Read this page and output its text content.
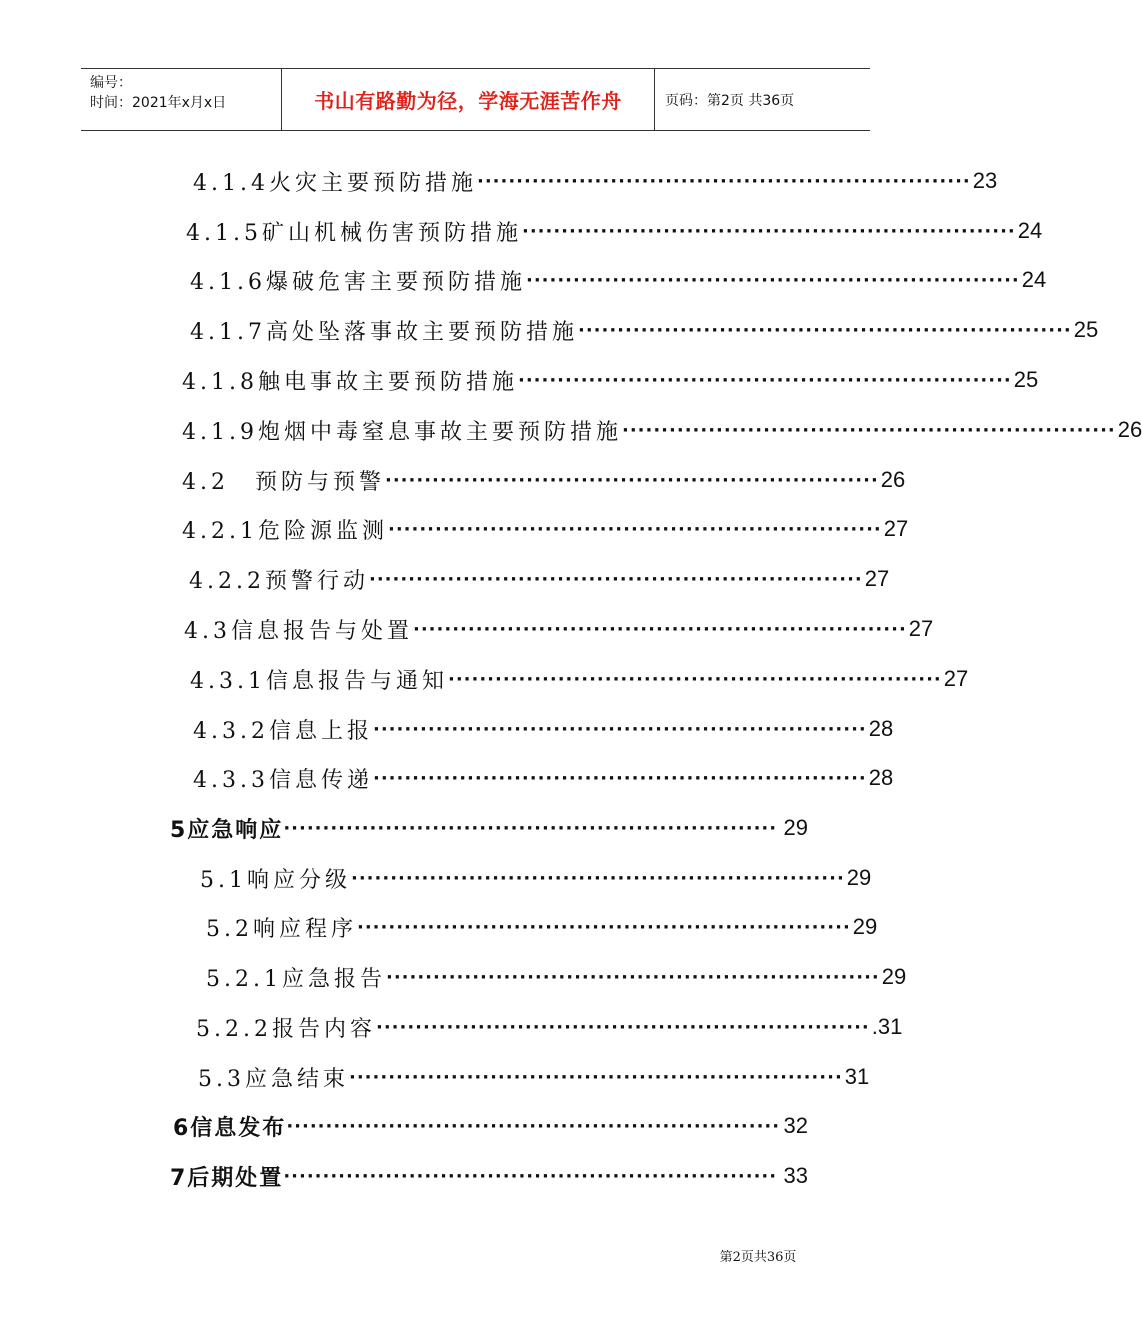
编号：
时间：2021年x月x日	书山有路勤为径，学海无涯苦作舟	页码：第2页 共36页
4.1.4火灾主要预防措施 ······························································· 23
4.1.5矿山机械伤害预防措施 ······························································· 24
4.1.6爆破危害主要预防措施 ······························································· 24
4.1.7高处坠落事故主要预防措施 ······························································· 25
4.1.8触电事故主要预防措施 ······························································· 25
4.1.9炮烟中毒窒息事故主要预防措施 ······························································· 26
4.2　预防与预警 ······························································· 26
4.2.1危险源监测 ······························································· 27
4.2.2预警行动 ······························································· 27
4.3信息报告与处置 ······························································· 27
4.3.1信息报告与通知 ······························································· 27
4.3.2信息上报 ······························································· 28
4.3.3信息传递 ······························································· 28
5应急响应 ······························································· 29
5.1响应分级 ······························································· 29
5.2响应程序 ······························································· 29
5.2.1应急报告 ······························································· 29
5.2.2报告内容 ······························································· .31
5.3应急结束 ······························································· 31
6信息发布 ······························································· 32
7后期处置 ······························································· 33
第2页共36页
